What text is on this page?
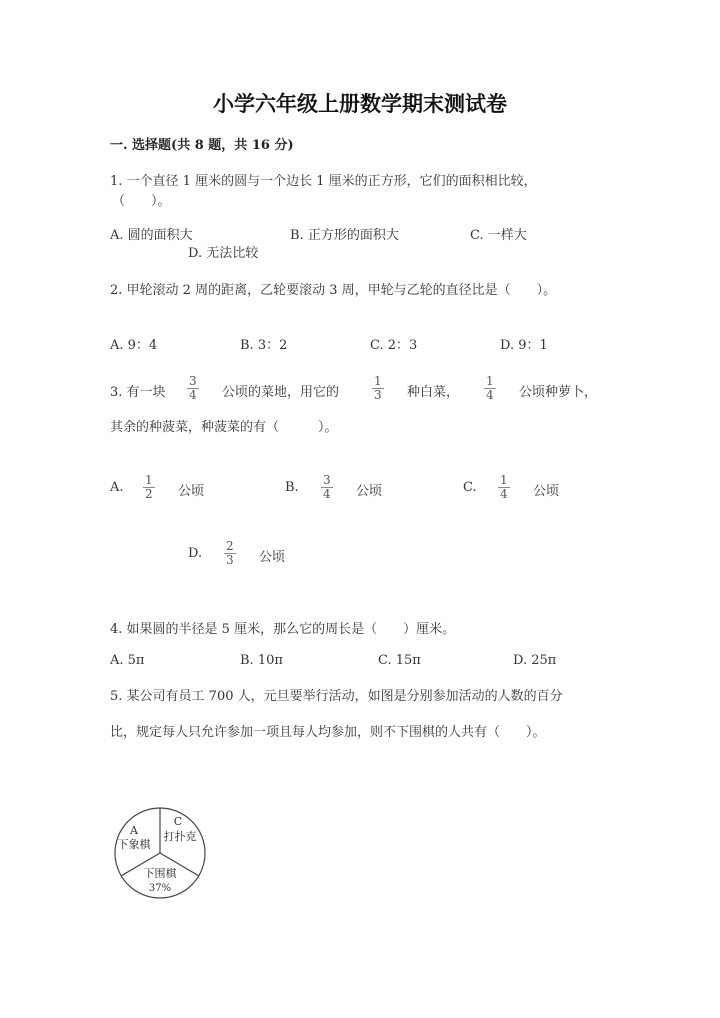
小学六年级上册数学期末测试卷
一. 选择题(共 8 题，共 16 分)
1. 一个直径 1 厘米的圆与一个边长 1 厘米的正方形，它们的面积相比较，
（　　）。
A. 圆的面积大	B. 正方形的面积大	C. 一样大
D. 无法比较
2. 甲轮滚动 2 周的距离，乙轮要滚动 3 周，甲轮与乙轮的直径比是（　　）。
A. 9：4	B. 3：2	C. 2：3	D. 9：1
3. 有一块 $\frac{3}{4}$ 公顷的菜地，用它的	$\frac{1}{3}$ 种白菜， $\frac{1}{4}$ 公顷种萝卜，
其余的种菠菜，种菠菜的有（　　　）。
A. $\frac{1}{2}$ 公顷	B. $\frac{3}{4}$ 公顷	C. $\frac{1}{4}$ 公顷
D. $\frac{2}{3}$ 公顷
4. 如果圆的半径是 5 厘米，那么它的周长是（　　）厘米。
A. 5π	B. 10π	C. 15π	D. 25π
5. 某公司有员工 700 人，元旦要举行活动，如图是分别参加活动的人数的百分
比，规定每人只允许参加一项且每人均参加，则不下围棋的人共有（　　）。
A
下象棋
C
打扑克
下围棋
37%
